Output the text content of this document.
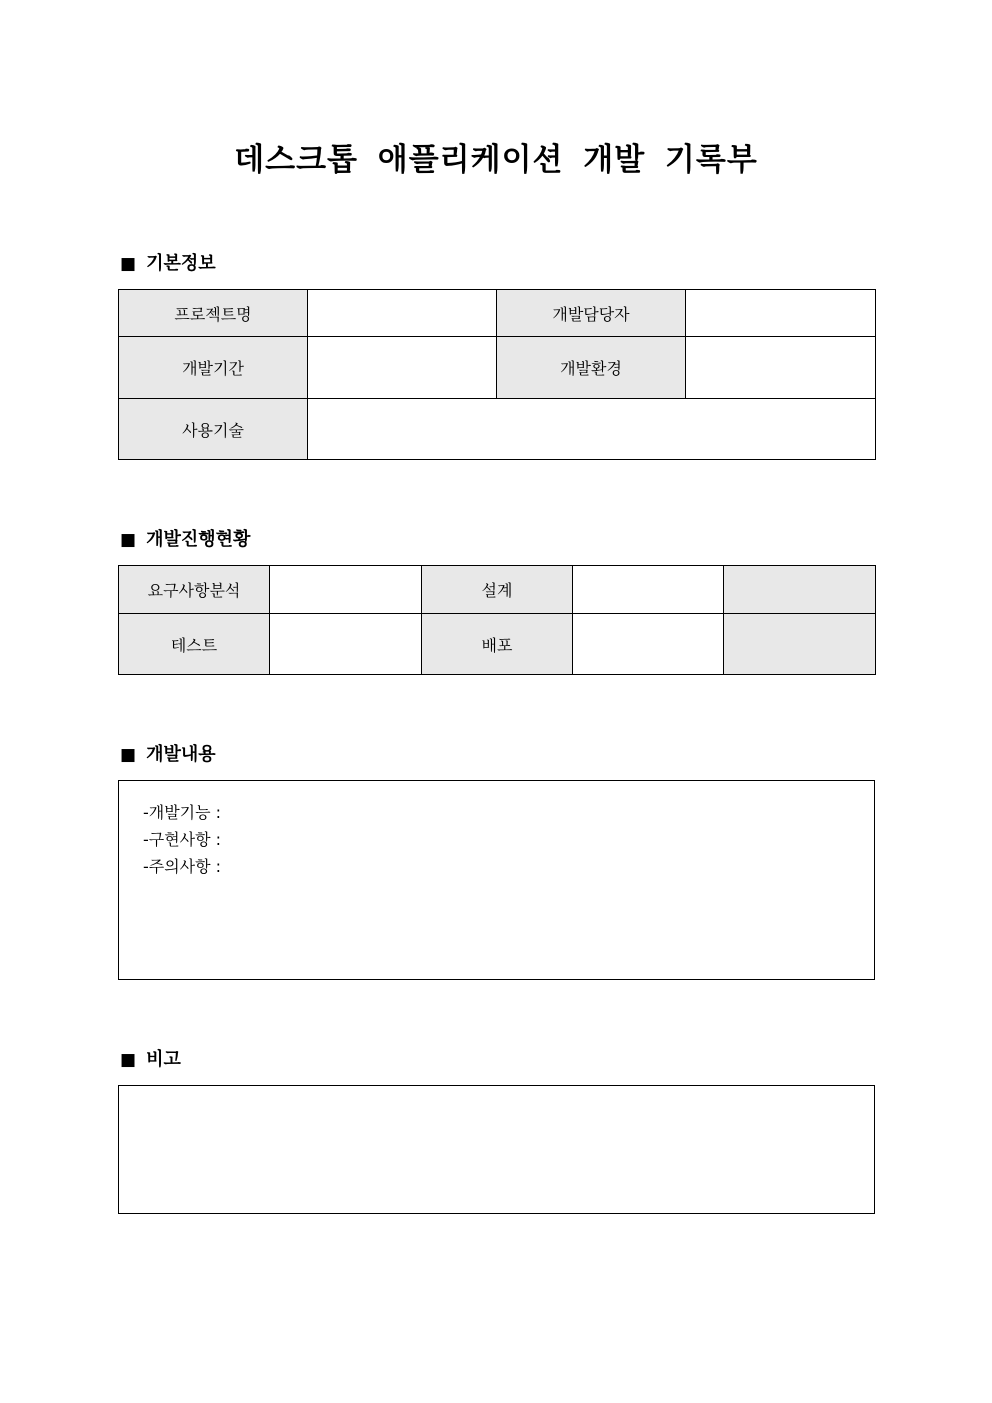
데스크톱 애플리케이션 개발 기록부
■ 기본정보
프로젝트명		개발담당자	
개발기간		개발환경	
사용기술			
■ 개발진행현황
요구사항분석		설계		
테스트		배포		
■ 개발내용
-개발기능 :
-구현사항 :
-주의사항 :
■ 비고
